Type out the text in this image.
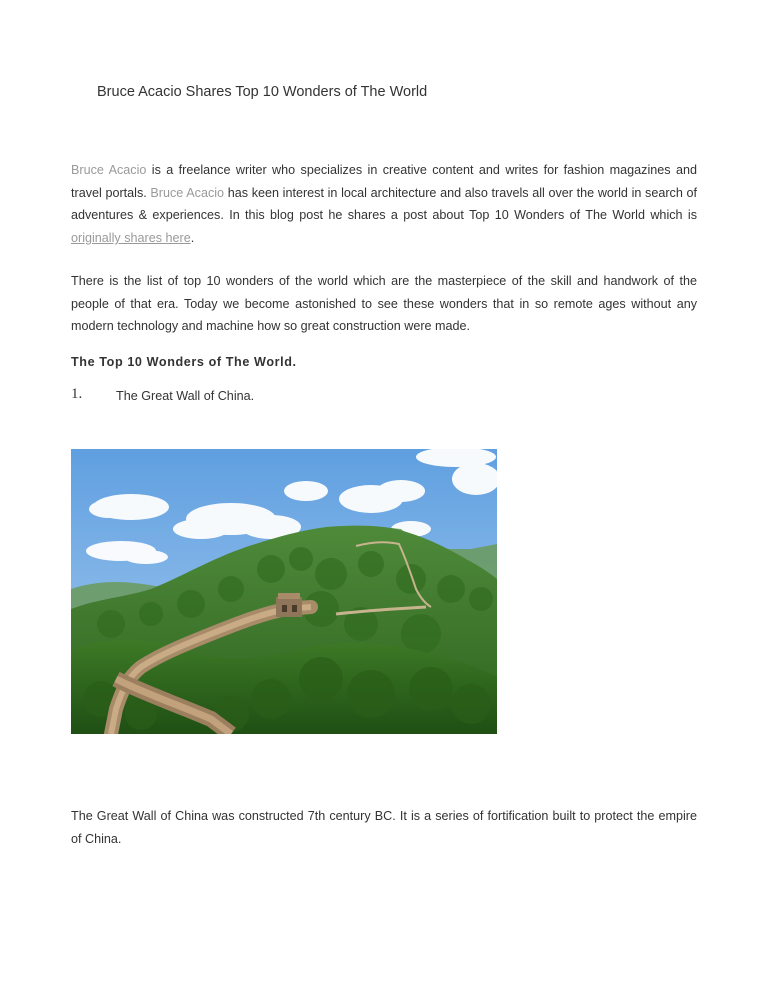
Bruce Acacio Shares Top 10 Wonders of The World
Bruce Acacio is a freelance writer who specializes in creative content and writes for fashion magazines and travel portals. Bruce Acacio has keen interest in local architecture and also travels all over the world in search of adventures & experiences. In this blog post he shares a post about Top 10 Wonders of The World which is originally shares here.
There is the list of top 10 wonders of the world which are the masterpiece of the skill and handwork of the people of that era. Today we become astonished to see these wonders that in so remote ages without any modern technology and machine how so great construction were made.
The Top 10 Wonders of The World.
1.	The Great Wall of China.
The Great Wall of China was constructed 7th century BC. It is a series of fortification built to protect the empire of China.
